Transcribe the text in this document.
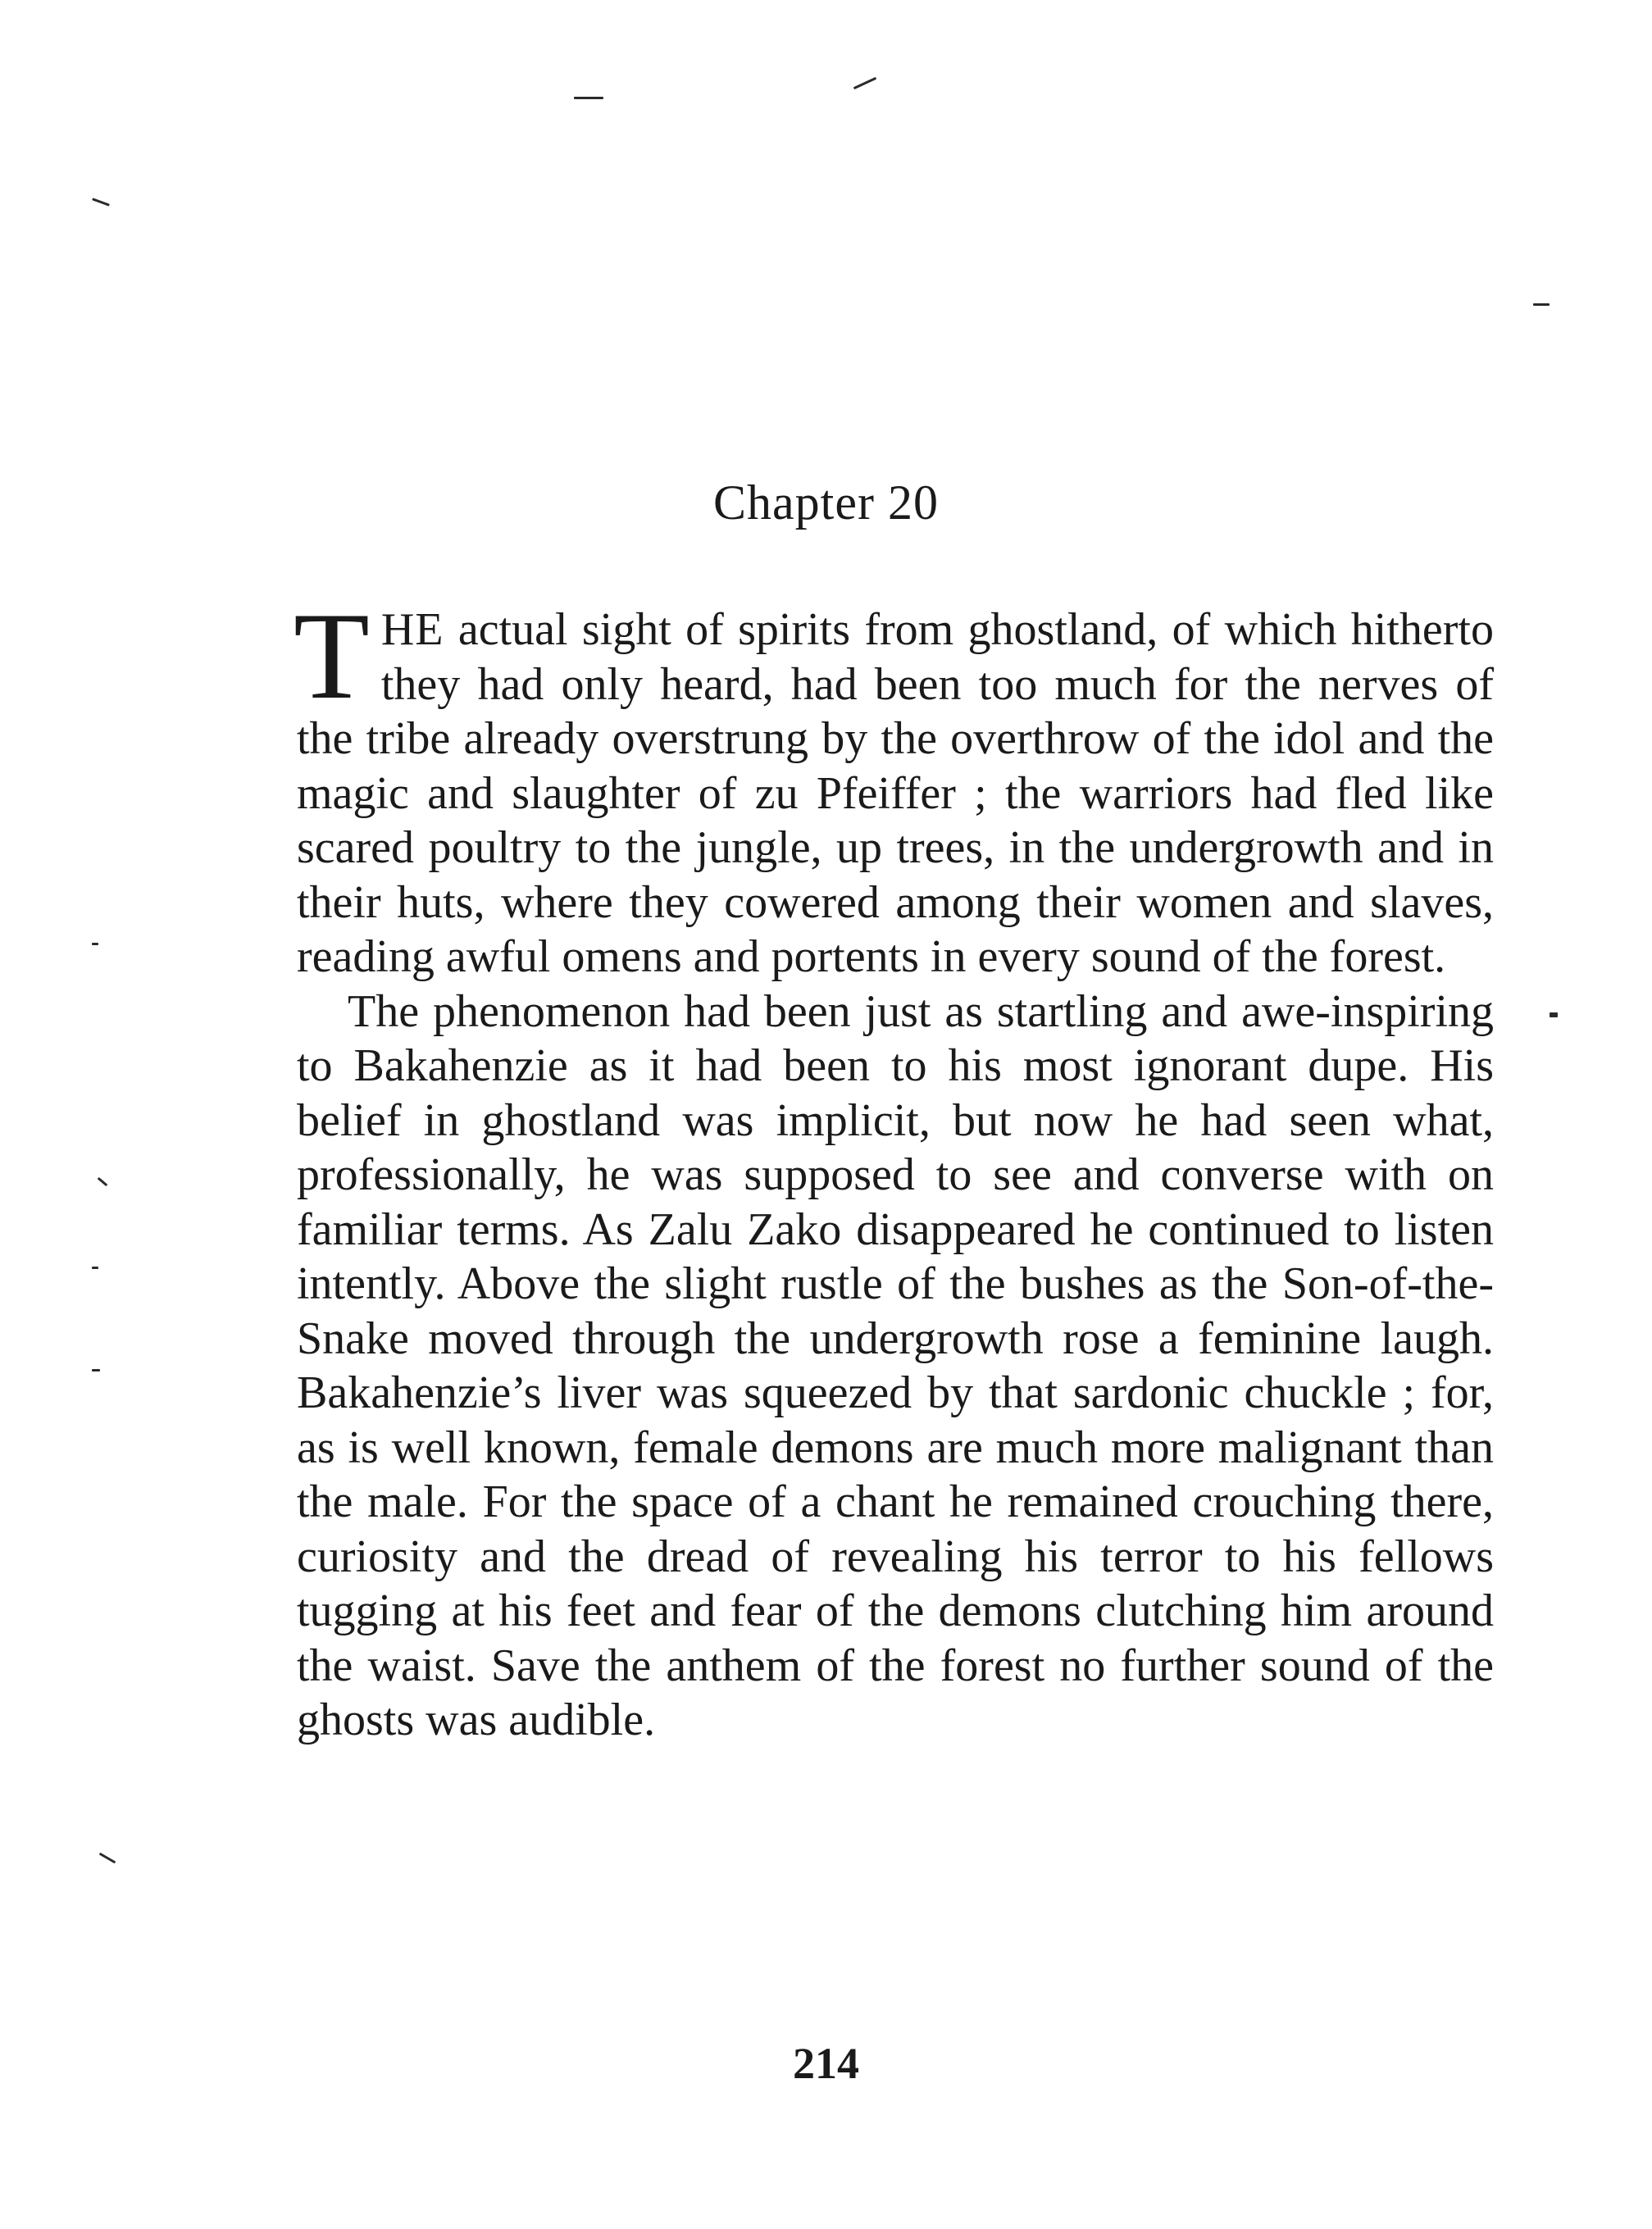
Chapter 20

THE actual sight of spirits from ghostland, of which hitherto they had only heard, had been too much for the nerves of the tribe already overstrung by the overthrow of the idol and the magic and slaughter of zu Pfeiffer ; the warriors had fled like scared poultry to the jungle, up trees, in the undergrowth and in their huts, where they cowered among their women and slaves, reading awful omens and portents in every sound of the forest.

The phenomenon had been just as startling and awe-inspiring to Bakahenzie as it had been to his most ignorant dupe. His belief in ghostland was implicit, but now he had seen what, professionally, he was supposed to see and converse with on familiar terms. As Zalu Zako disappeared he continued to listen intently. Above the slight rustle of the bushes as the Son-of-the-Snake moved through the undergrowth rose a feminine laugh. Bakahenzie’s liver was squeezed by that sardonic chuckle ; for, as is well known, female demons are much more malignant than the male. For the space of a chant he remained crouching there, curiosity and the dread of revealing his terror to his fellows tugging at his feet and fear of the demons clutching him around the waist. Save the anthem of the forest no further sound of the ghosts was audible.

214
